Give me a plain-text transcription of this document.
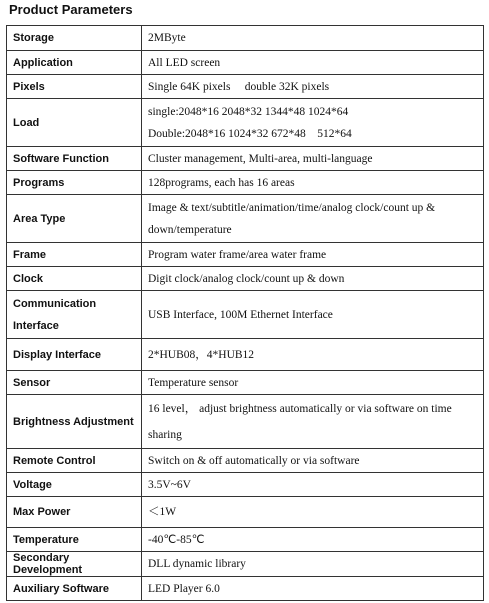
Product Parameters
Storage	2MByte

Application	All LED screen

Pixels	Single 64K pixels     double 32K pixels

Load	single:2048*16 2048*32 1344*48 1024*64
Double:2048*16 1024*32 672*48    512*64

Software Function	Cluster management, Multi-area, multi-language

Programs	128programs, each has 16 areas

Area Type	Image & text/subtitle/animation/time/analog clock/count up &
down/temperature

Frame	Program water frame/area water frame

Clock	Digit clock/analog clock/count up & down

Communication Interface	USB Interface, 100M Ethernet Interface

Display Interface	2*HUB08，4*HUB12

Sensor	Temperature sensor

Brightness Adjustment	16 level， adjust brightness automatically or via software on time
sharing

Remote Control	Switch on & off automatically or via software

Voltage	3.5V~6V

Max Power	＜1W

Temperature	-40℃-85℃

Secondary Development	DLL dynamic library

Auxiliary Software	LED Player 6.0
